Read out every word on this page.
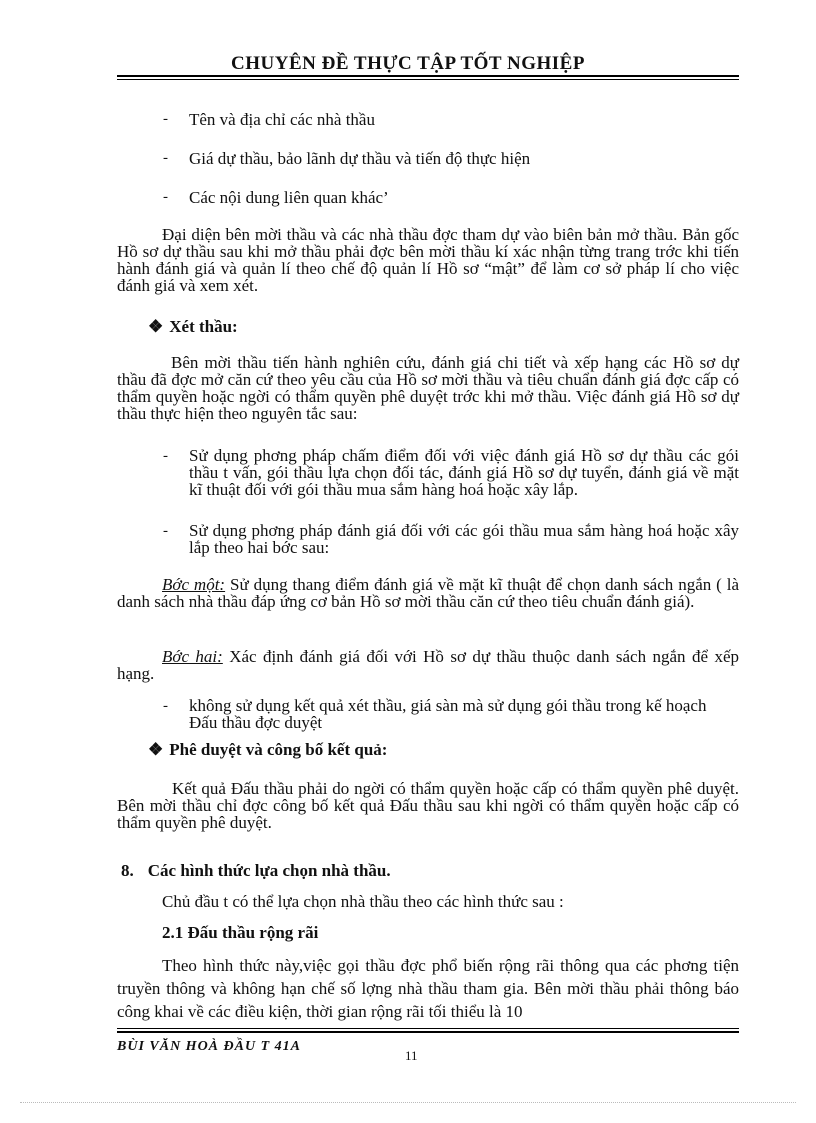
CHUYÊN ĐỀ THỰC TẬP TỐT NGHIỆP
- Tên và địa chỉ các nhà thầu
- Giá dự thầu, bảo lãnh dự thầu và tiến độ thực hiện
- Các nội dung liên quan khác’
Đại diện bên mời thầu và các nhà thầu đợc tham dự vào biên bản mở thầu. Bản gốc Hồ sơ dự thầu sau khi mở thầu phải đợc bên mời thầu kí xác nhận từng trang trớc khi tiến hành đánh giá và quản lí theo chế độ quản lí Hồ sơ “mật” để làm cơ sở pháp lí cho việc đánh giá và xem xét.
❖ Xét thầu:
Bên mời thầu tiến hành nghiên cứu, đánh giá chi tiết và xếp hạng các Hồ sơ dự thầu đã đợc mở căn cứ theo yêu cầu của Hồ sơ mời thầu và tiêu chuẩn đánh giá đợc cấp có thẩm quyền hoặc ngời có thẩm quyền phê duyệt trớc khi mở thầu. Việc đánh giá Hồ sơ dự thầu thực hiện theo nguyên tắc sau:
- Sử dụng phơng pháp chấm điểm đối với việc đánh giá Hồ sơ dự thầu các gói thầu t vấn, gói thầu lựa chọn đối tác, đánh giá Hồ sơ dự tuyển, đánh giá về mặt kĩ thuật đối với gói thầu mua sắm hàng hoá hoặc xây lắp.
- Sử dụng phơng pháp đánh giá đối với các gói thầu mua sắm hàng hoá hoặc xây lắp theo hai bớc sau:
Bớc một: Sử dụng thang điểm đánh giá về mặt kĩ thuật để chọn danh sách ngắn ( là danh sách nhà thầu đáp ứng cơ bản Hồ sơ mời thầu căn cứ theo tiêu chuẩn đánh giá).
Bớc hai: Xác định đánh giá đối với Hồ sơ dự thầu thuộc danh sách ngắn để xếp hạng.
- không sử dụng kết quả xét thầu, giá sàn mà sử dụng gói thầu trong kế hoạch Đấu thầu đợc duyệt
❖ Phê duyệt và công bố kết quả:
Kết quả Đấu thầu phải do ngời có thẩm quyền hoặc cấp có thẩm quyền phê duyệt. Bên mời thầu chỉ đợc công bố kết quả Đấu thầu sau khi ngời có thẩm quyền hoặc cấp có thẩm quyền phê duyệt.
8. Các hình thức lựa chọn nhà thầu.
Chủ đầu t có thể lựa chọn nhà thầu theo các hình thức sau :
2.1 Đấu thầu rộng rãi
Theo hình thức này,việc gọi thầu đợc phổ biến rộng rãi thông qua các phơng tiện truyền thông và không hạn chế số lợng nhà thầu tham gia. Bên mời thầu phải thông báo công khai về các điều kiện, thời gian rộng rãi tối thiểu là 10
BÙI VĂN HOÀ ĐẦU T 41A
11
